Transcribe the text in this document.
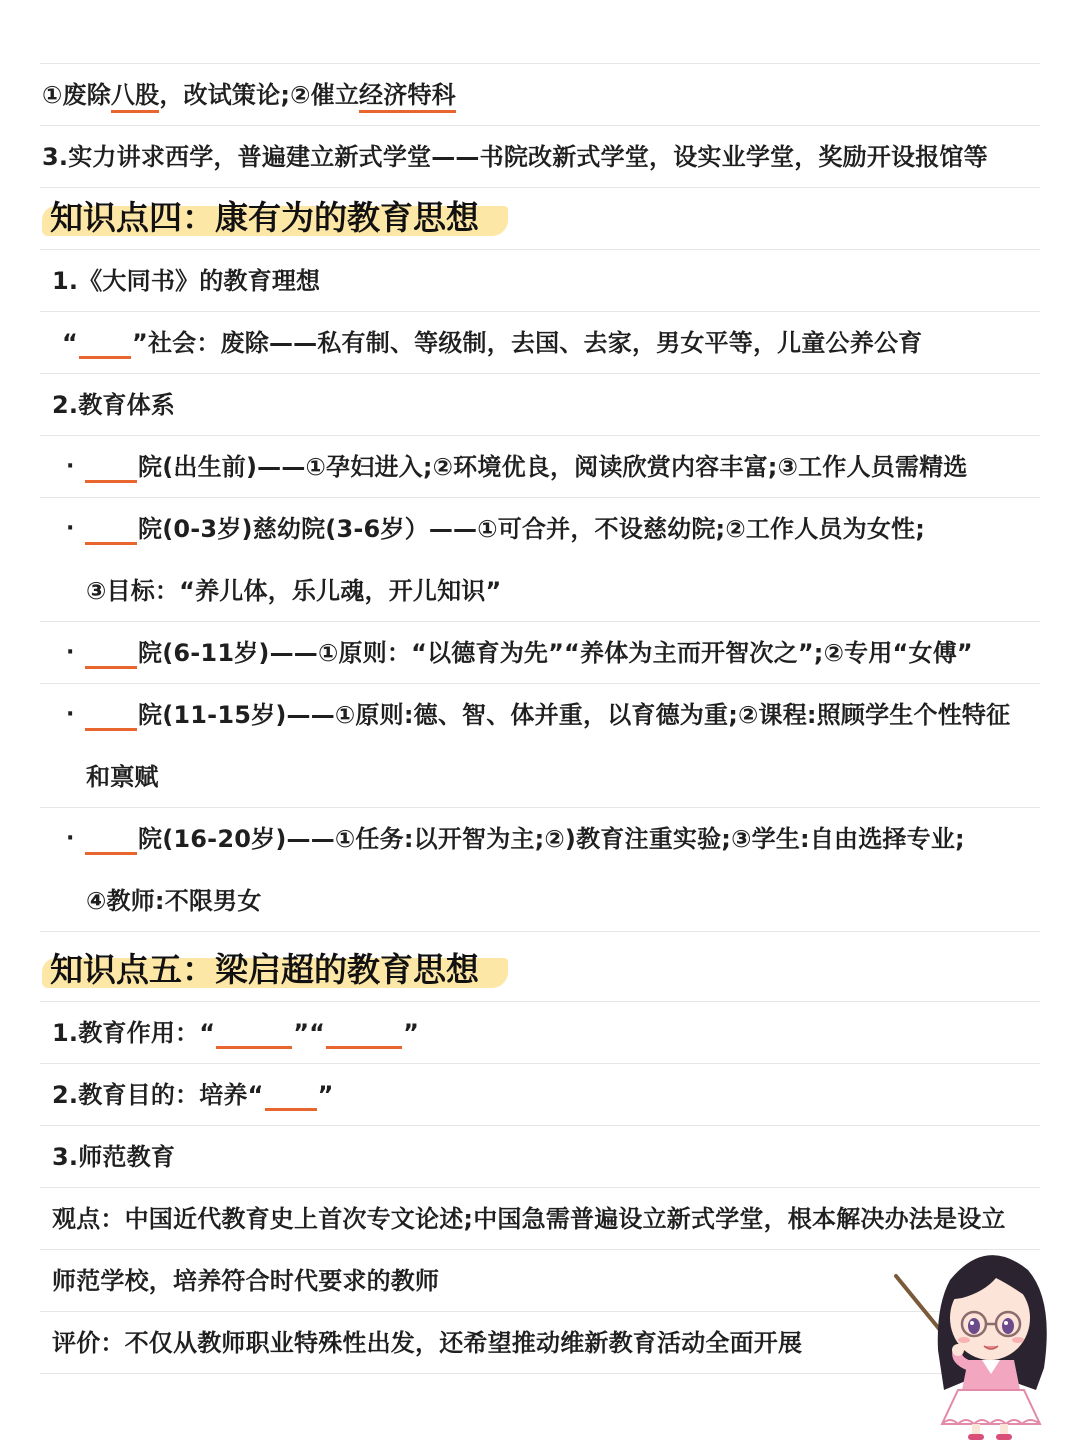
①废除八股，改试策论;②催立经济特科
3.实力讲求西学，普遍建立新式学堂——书院改新式学堂，设实业学堂，奖励开设报馆等
知识点四：康有为的教育思想
1.《大同书》的教育理想
“ ”社会：废除——私有制、等级制，去国、去家，男女平等，儿童公养公育
2.教育体系
·	院(出生前)——①孕妇进入;②环境优良，阅读欣赏内容丰富;③工作人员需精选
·	院(0-3岁)慈幼院(3-6岁）——①可合并，不设慈幼院;②工作人员为女性;
③目标：“养儿体，乐儿魂，开儿知识”
·	院(6-11岁)——①原则：“以德育为先”“养体为主而开智次之”;②专用“女傅”
·	院(11-15岁)——①原则:德、智、体并重，以育德为重;②课程:照顾学生个性特征
和禀赋
·	院(16-20岁)——①任务:以开智为主;②)教育注重实验;③学生:自由选择专业;
④教师:不限男女
知识点五：梁启超的教育思想
1.教育作用：“	”“	”
2.教育目的：培养“ ”
3.师范教育
观点：中国近代教育史上首次专文论述;中国急需普遍设立新式学堂，根本解决办法是设立
师范学校，培养符合时代要求的教师
评价：不仅从教师职业特殊性出发，还希望推动维新教育活动全面开展
